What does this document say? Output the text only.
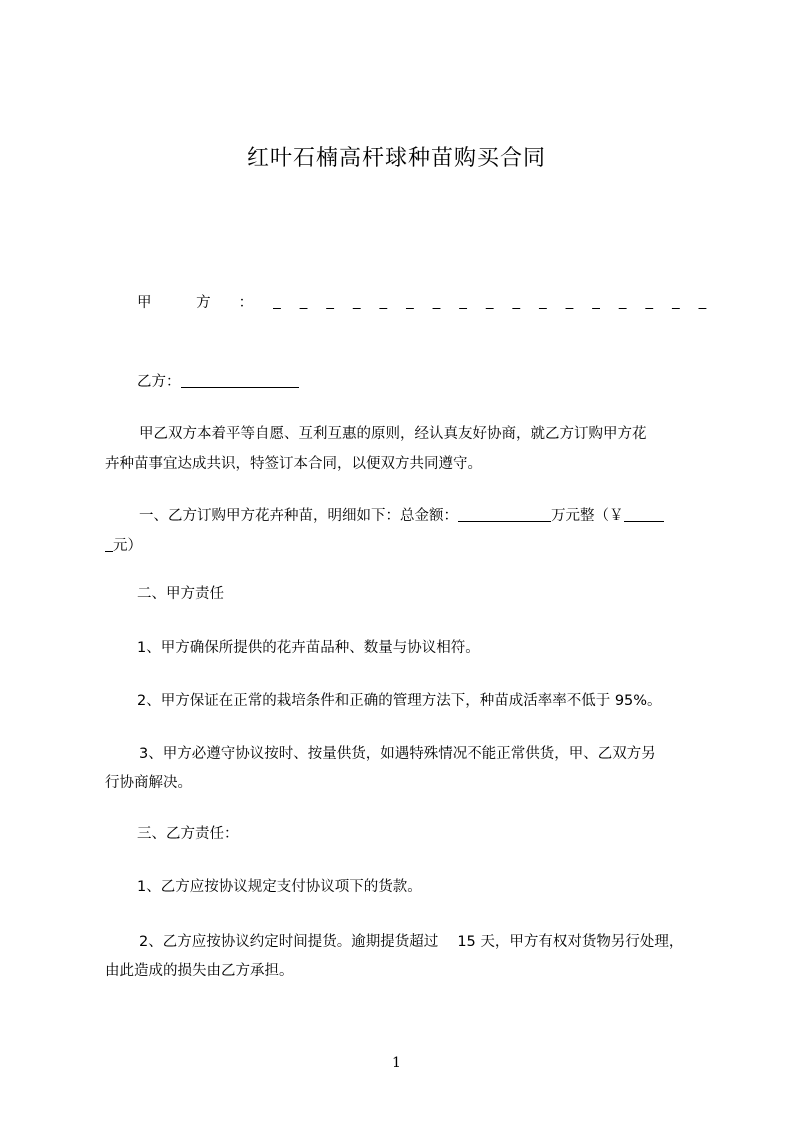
红叶石楠高杆球种苗购买合同
甲 方 ：
乙方：
甲乙双方本着平等自愿、互利互惠的原则，经认真友好协商，就乙方订购甲方花
卉种苗事宜达成共识，特签订本合同，以便双方共同遵守。
一、乙方订购甲方花卉种苗，明细如下：总金额：	万元整（￥
元）
二、甲方责任
1、甲方确保所提供的花卉苗品种、数量与协议相符。
2、甲方保证在正常的栽培条件和正确的管理方法下，种苗成活率率不低于 95%。
3、甲方必遵守协议按时、按量供货，如遇特殊情况不能正常供货，甲、乙双方另
行协商解决。
三、乙方责任：
1、乙方应按协议规定支付协议项下的货款。
2、乙方应按协议约定时间提货。逾期提货超过　 15 天，甲方有权对货物另行处理，
由此造成的损失由乙方承担。
1
